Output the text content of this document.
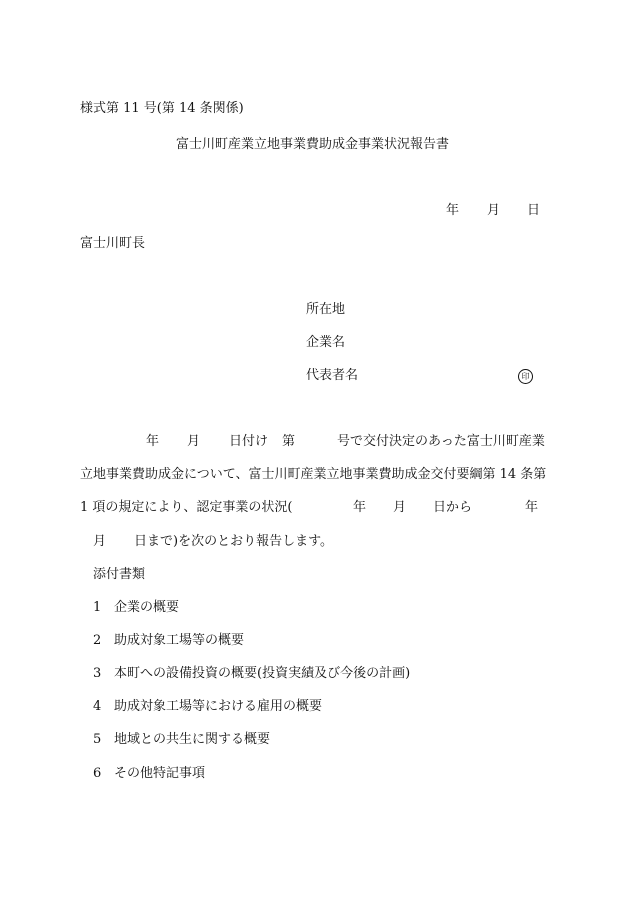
様式第 11 号(第 14 条関係)
富士川町産業立地事業費助成金事業状況報告書
年 月 日
富士川町長
所在地
企業名
代表者名	印
年 月 日付け 第	号で交付決定のあった富士川町産業
立地事業費助成金について、富士川町産業立地事業費助成金交付要綱第 14 条第
1 項の規定により、認定事業の状況(	年 月 日から	年
月 日まで)を次のとおり報告します。
添付書類
1 企業の概要
2 助成対象工場等の概要
3 本町への設備投資の概要(投資実績及び今後の計画)
4 助成対象工場等における雇用の概要
5 地域との共生に関する概要
6 その他特記事項
